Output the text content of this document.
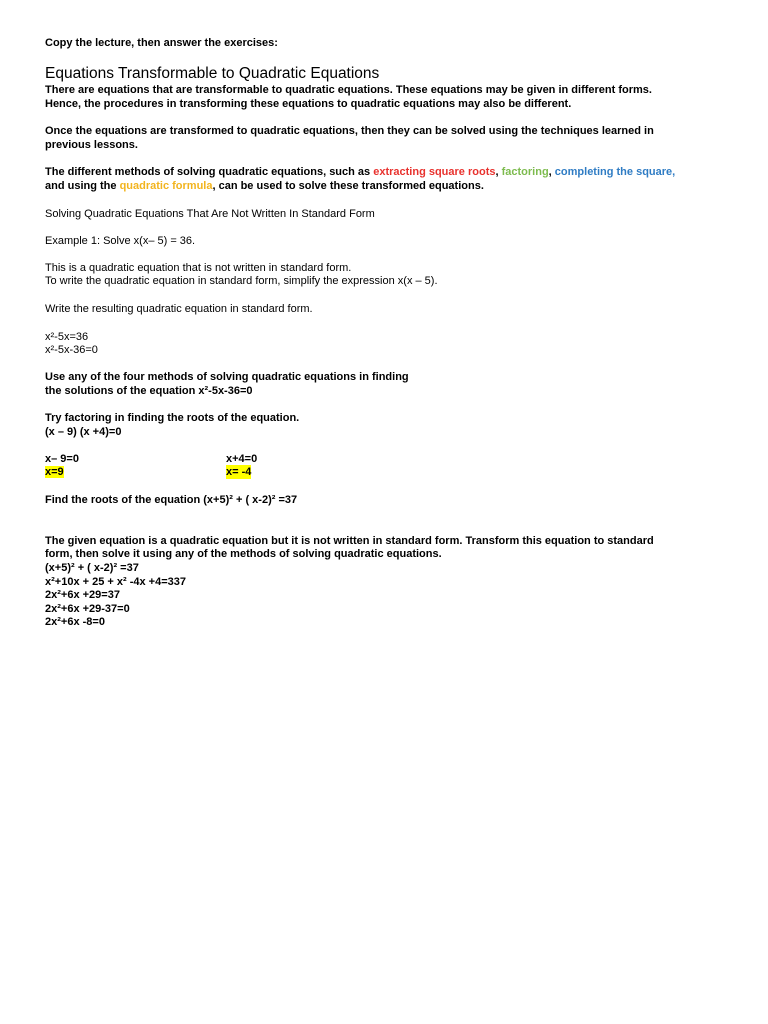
Copy the lecture, then answer the exercises:

Equations Transformable to Quadratic Equations

There are equations that are transformable to quadratic equations. These equations may be given in different forms.

Hence, the procedures in transforming these equations to quadratic equations may also be different.

Once the equations are transformed to quadratic equations, then they can be solved using the techniques learned in

previous lessons.

The different methods of solving quadratic equations, such as extracting square roots, factoring, completing the square,

and using the quadratic formula, can be used to solve these transformed equations.

Solving Quadratic Equations That Are Not Written In Standard Form

Example 1: Solve x(x– 5) = 36.

This is a quadratic equation that is not written in standard form.

To write the quadratic equation in standard form, simplify the expression x(x – 5).

Write the resulting quadratic equation in standard form.

x²-5x=36

x²-5x-36=0

Use any of the four methods of solving quadratic equations in finding

the solutions of the equation x²-5x-36=0

Try factoring in finding the roots of the equation.

(x – 9) (x +4)=0

x– 9=0	x+4=0
x=9	x= -4

Find the roots of the equation (x+5)² + ( x-2)² =37

The given equation is a quadratic equation but it is not written in standard form. Transform this equation to standard

form, then solve it using any of the methods of solving quadratic equations.

(x+5)² + ( x-2)² =37

x²+10x + 25 + x² -4x +4=337

2x²+6x +29=37

2x²+6x +29-37=0

2x²+6x -8=0
